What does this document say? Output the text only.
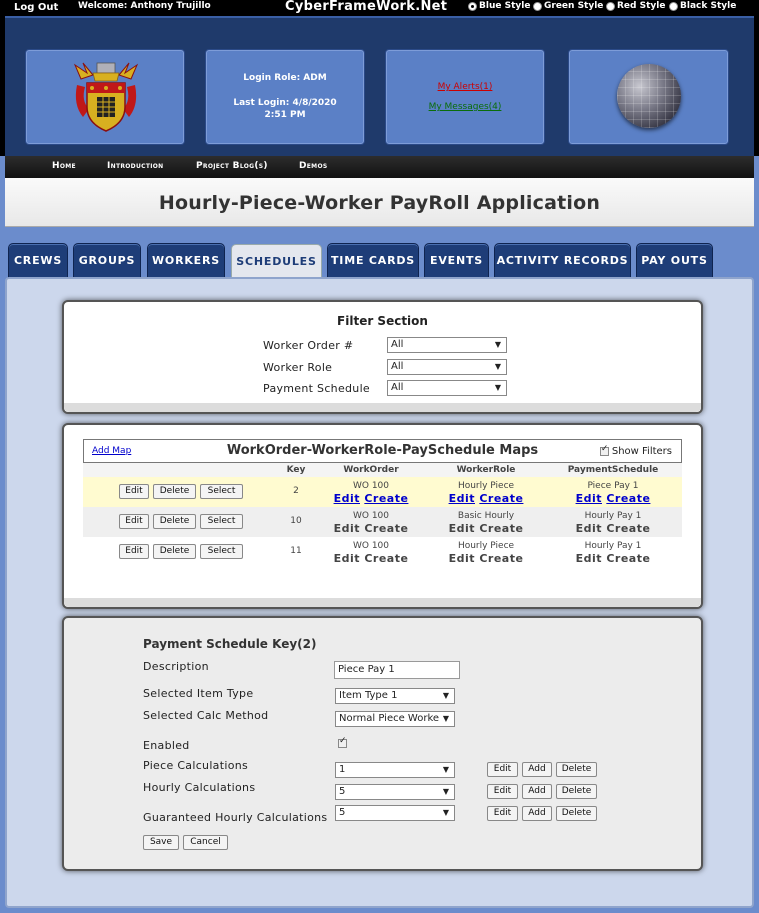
Log Out Welcome: Anthony Trujillo	CyberFrameWork.Net	Blue Style Green Style Red Style Black Style
Login Role: ADM
Last Login: 4/8/2020
2:51 PM
My Alerts(1)
My Messages(4)
Home	Introduction	Project Blog(s)	Demos
Hourly-Piece-Worker PayRoll Application
CREWS	GROUPS	WORKERS	SCHEDULES	TIME CARDS	EVENTS	ACTIVITY RECORDS	PAY OUTS
Filter Section
Worker Order #	All	▼
Worker Role	All	▼
Payment Schedule	All	▼
Add Map	WorkOrder-WorkerRole-PaySchedule Maps
✓	Show Filters
Key	WorkOrder	WorkerRole	PaymentSchedule
Edit	Delete	Select	2	WO 100
Edit Create
Hourly Piece
Edit Create
Piece Pay 1
Edit Create
Edit	Delete	Select	10	WO 100
Edit Create
Basic Hourly
Edit Create
Hourly Pay 1
Edit Create
Edit	Delete	Select	11	WO 100
Edit Create
Hourly Piece
Edit Create
Hourly Pay 1
Edit Create
Payment Schedule Key(2)
Description	Piece Pay 1
Selected Item Type	Item Type 1	▼
Selected Calc Method	Normal Piece Worke ▼
Enabled
✓
Piece Calculations	1	▼	Edit	Add	Delete
Hourly Calculations	5	▼	Edit	Add	Delete
Guaranteed Hourly Calculations	5	▼	Edit	Add	Delete
Save	Cancel
